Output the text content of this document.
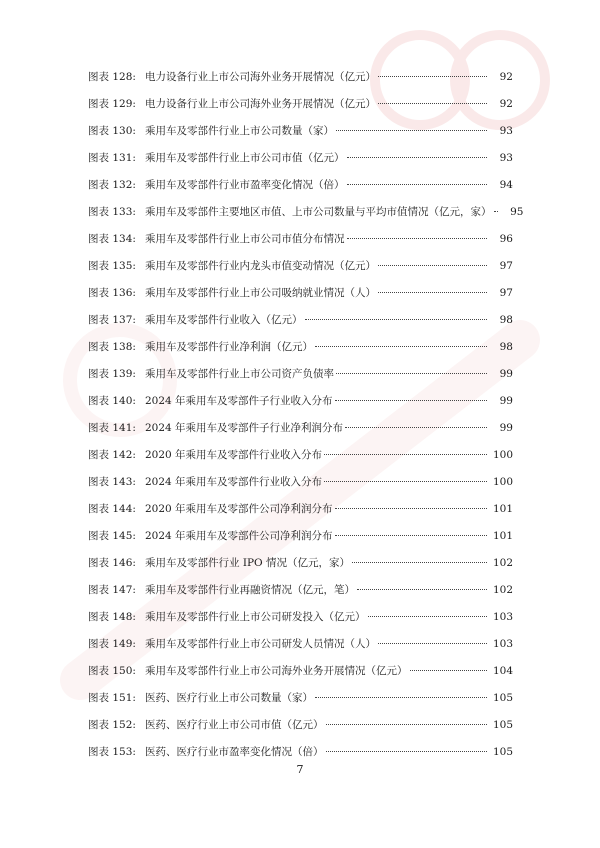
图表 128: 电力设备行业上市公司海外业务开展情况（亿元）	92
图表 129: 电力设备行业上市公司海外业务开展情况（亿元）	92
图表 130: 乘用车及零部件行业上市公司数量（家）	93
图表 131: 乘用车及零部件行业上市公司市值（亿元）	93
图表 132: 乘用车及零部件行业市盈率变化情况（倍）	94
图表 133: 乘用车及零部件主要地区市值、上市公司数量与平均市值情况（亿元，家）	95
图表 134: 乘用车及零部件行业上市公司市值分布情况	96
图表 135: 乘用车及零部件行业内龙头市值变动情况（亿元）	97
图表 136: 乘用车及零部件行业上市公司吸纳就业情况（人）	97
图表 137: 乘用车及零部件行业收入（亿元）	98
图表 138: 乘用车及零部件行业净利润（亿元）	98
图表 139: 乘用车及零部件行业上市公司资产负债率	99
图表 140: 2024 年乘用车及零部件子行业收入分布	99
图表 141: 2024 年乘用车及零部件子行业净利润分布	99
图表 142: 2020 年乘用车及零部件行业收入分布	100
图表 143: 2024 年乘用车及零部件行业收入分布	100
图表 144: 2020 年乘用车及零部件公司净利润分布	101
图表 145: 2024 年乘用车及零部件公司净利润分布	101
图表 146: 乘用车及零部件行业 IPO 情况（亿元，家）	102
图表 147: 乘用车及零部件行业再融资情况（亿元，笔）	102
图表 148: 乘用车及零部件行业上市公司研发投入（亿元）	103
图表 149: 乘用车及零部件行业上市公司研发人员情况（人）	103
图表 150: 乘用车及零部件行业上市公司海外业务开展情况（亿元）	104
图表 151: 医药、医疗行业上市公司数量（家）	105
图表 152: 医药、医疗行业上市公司市值（亿元）	105
图表 153: 医药、医疗行业市盈率变化情况（倍）	105
7
